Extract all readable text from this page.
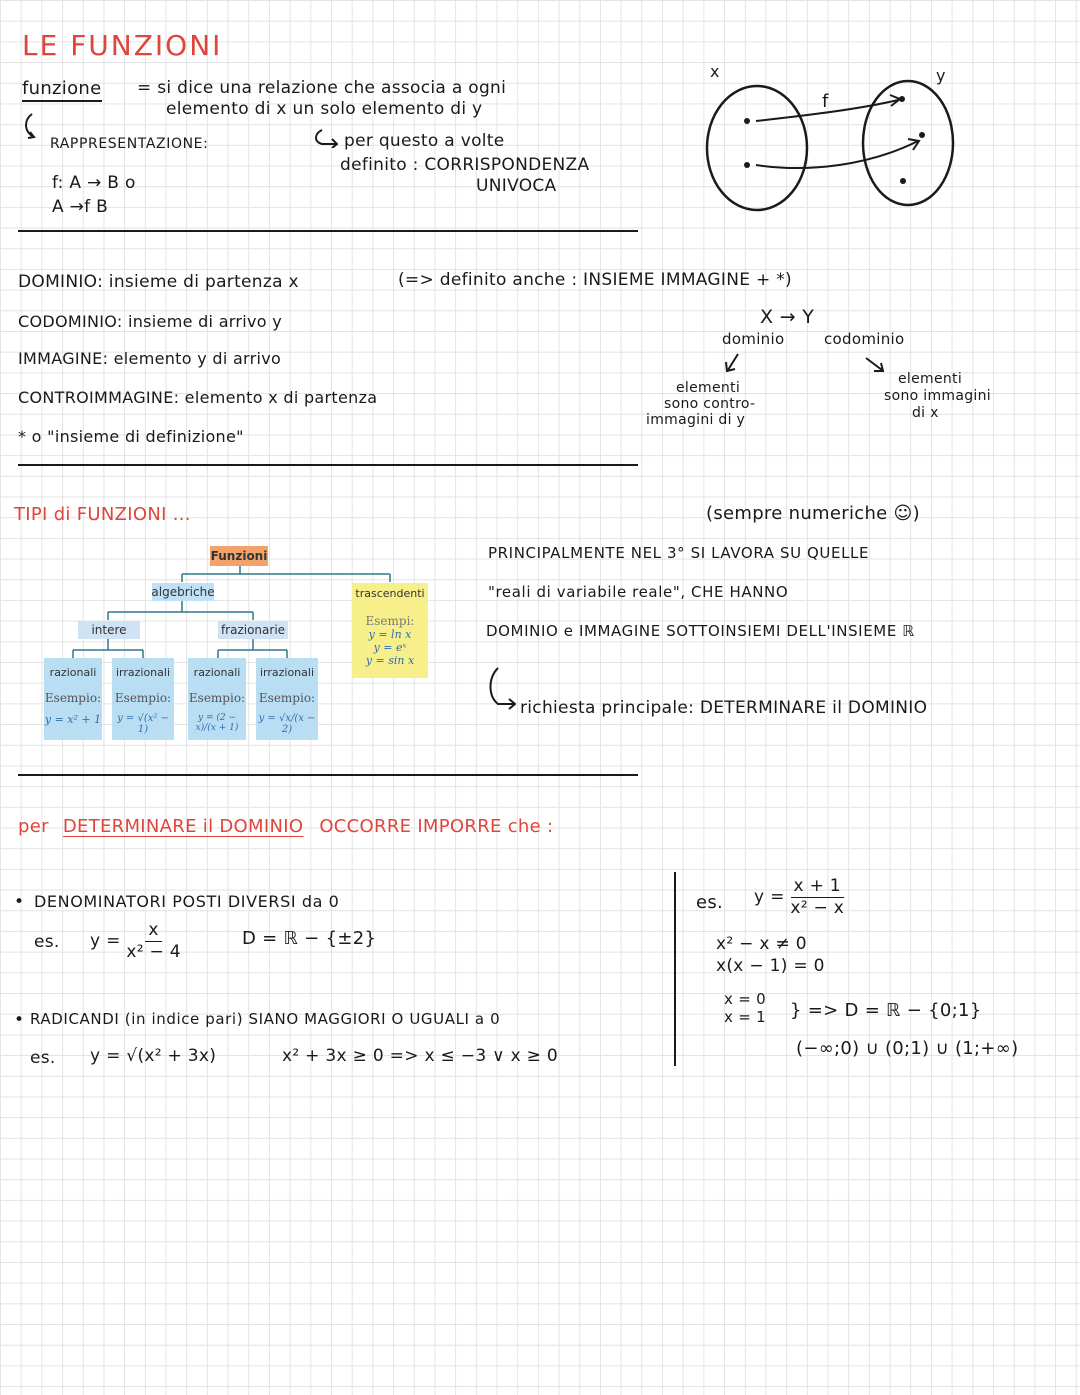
LE FUNZIONI
funzione = si dice una relazione che associa a ogni
elemento di x un solo elemento di y
RAPPRESENTAZIONE:
f: A → B o
A →f B
per questo a volte
definito : CORRISPONDENZA
UNIVOCA
x	y
f
DOMINIO: insieme di partenza x
CODOMINIO: insieme di arrivo y
IMMAGINE: elemento y di arrivo
CONTROIMMAGINE: elemento x di partenza
* o "insieme di definizione"
(=> definito anche : INSIEME IMMAGINE + *)
X → Y
dominio	codominio
elementi
sono contro-
immagini di y
elementi
sono immagini
di x
TIPI di FUNZIONI ...	(sempre numeriche ☺)
PRINCIPALMENTE NEL 3° SI LAVORA SU QUELLE
"reali di variabile reale", CHE HANNO
DOMINIO e IMMAGINE SOTTOINSIEMI DELL'INSIEME ℝ
richiesta principale: DETERMINARE il DOMINIO
Funzioni
algebriche
intere	frazionarie
razionali
Esempio:
y = x² + 1
irrazionali
Esempio:
y = √(x² − 1)
razionali
Esempio:
y = (2 − x)/(x + 1)
irrazionali
Esempio:
y = √x/(x − 2)
trascendenti
Esempi:
y = ln x
y = eˣ
y = sin x
per DETERMINARE il DOMINIO OCCORRE IMPORRE che :
• DENOMINATORI POSTI DIVERSI da 0
es. $y = \frac{x}{\text{x² − 4}}$	D = ℝ − {±2}
• RADICANDI (in indice pari) SIANO MAGGIORI O UGUALI a 0
es. y = √(x² + 3x)	x² + 3x ≥ 0 => x ≤ −3 ∨ x ≥ 0
es. $y = \frac{x + 1}{\text{x² − x}}$
x² − x ≠ 0
x(x − 1) = 0
x = 0
x = 1 } => D = ℝ − {0;1}
(−∞;0) ∪ (0;1) ∪ (1;+∞)
